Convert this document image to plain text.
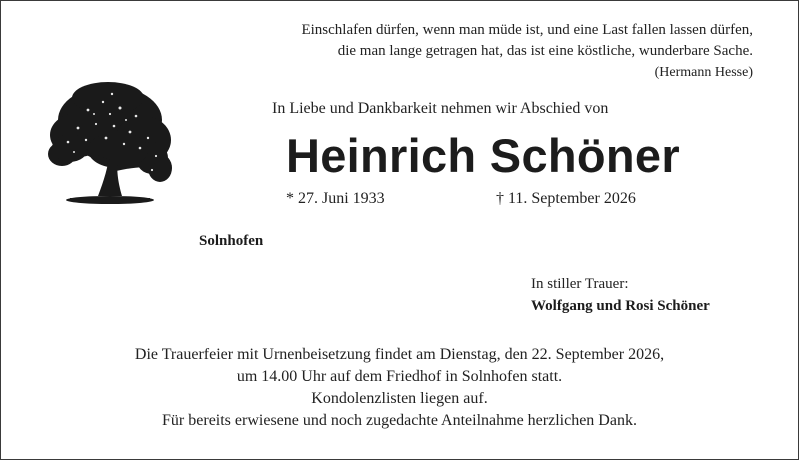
Einschlafen dürfen, wenn man müde ist, und eine Last fallen lassen dürfen,
die man lange getragen hat, das ist eine köstliche, wunderbare Sache.
(Hermann Hesse)
In Liebe und Dankbarkeit nehmen wir Abschied von
Heinrich Schöner
* 27. Juni 1933	† 11. September 2026
Solnhofen
In stiller Trauer:
Wolfgang und Rosi Schöner
Die Trauerfeier mit Urnenbeisetzung findet am Dienstag, den 22. September 2026,
um 14.00 Uhr auf dem Friedhof in Solnhofen statt.
Kondolenzlisten liegen auf.
Für bereits erwiesene und noch zugedachte Anteilnahme herzlichen Dank.
